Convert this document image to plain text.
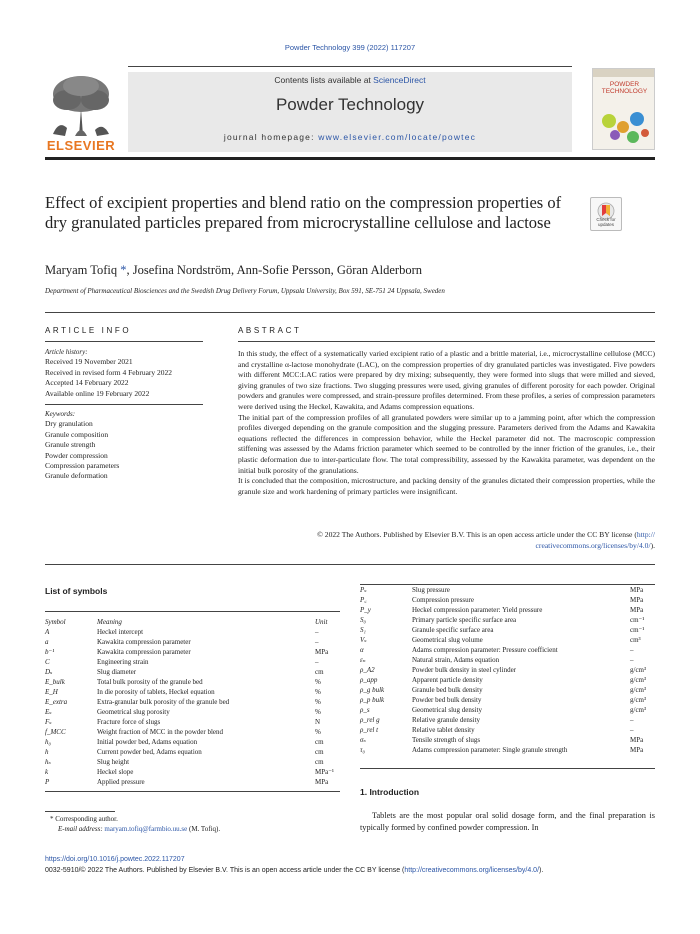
Powder Technology 399 (2022) 117207
ELSEVIER
Contents lists available at ScienceDirect
Powder Technology
journal homepage: www.elsevier.com/locate/powtec
POWDER TECHNOLOGY
Effect of excipient properties and blend ratio on the compression properties of dry granulated particles prepared from microcrystalline cellulose and lactose	Check for updates
Maryam Tofiq *, Josefina Nordström, Ann-Sofie Persson, Göran Alderborn
Department of Pharmaceutical Biosciences and the Swedish Drug Delivery Forum, Uppsala University, Box 591, SE-751 24 Uppsala, Sweden
ARTICLE INFO
Article history:
Received 19 November 2021
Received in revised form 4 February 2022
Accepted 14 February 2022
Available online 19 February 2022
Keywords:
Dry granulation
Granule composition
Granule strength
Powder compression
Compression parameters
Granule deformation
ABSTRACT

In this study, the effect of a systematically varied excipient ratio of a plastic and a brittle material, i.e., microcrystalline cellulose (MCC) and crystalline α-lactose monohydrate (LAC), on the compression properties of dry granulated particles was investigated. Five powders with different MCC:LAC ratios were prepared by dry mixing; subsequently, they were formed into slugs that were milled and sieved, giving granules of two size fractions. Two slugging pressures were used, giving granules of different porosity for each powder. Original powders and granules were compressed, and strain-pressure profiles determined. From these profiles, a series of compression parameters were derived using the Heckel, Kawakita, and Adams compression equations.

The initial part of the compression profiles of all granulated powders were similar up to a jamming point, after which the compression profiles diverged depending on the granule composition and the slugging pressure. Parameters derived from the Adams and Kawakita equations reflected the differences in compression behavior, while the Heckel parameter did not. The macroscopic compression stiffening was assessed by the Adams friction parameter which seemed to be controlled by the inner friction of the granules, i.e., their plastic deformation due to inter-particulate flow. The total compressibility, assessed by the Kawakita parameter, was dependent on the initial bulk porosity of the granulations.

It is concluded that the composition, microstructure, and packing density of the granules dictated their compression properties, while the granule size and work hardening of primary particles were insignificant.

© 2022 The Authors. Published by Elsevier B.V. This is an open access article under the CC BY license (http://
creativecommons.org/licenses/by/4.0/).
List of symbols
Symbol	Meaning	Unit
A	Heckel intercept	–
a	Kawakita compression parameter	–
b⁻¹	Kawakita compression parameter	MPa
C	Engineering strain	–
Dₛ	Slug diameter	cm
E_bulk	Total bulk porosity of the granule bed	%
E_H	In die porosity of tablets, Heckel equation	%
E_extra	Extra-granular bulk porosity of the granule bed	%
Eₛ	Geometrical slug porosity	%
Fₛ	Fracture force of slugs	N
f_MCC	Weight fraction of MCC in the powder blend	%
h₀	Initial powder bed, Adams equation	cm
h	Current powder bed, Adams equation	cm
hₛ	Slug height	cm
k	Heckel slope	MPa⁻¹
P	Applied pressure	MPa
Pₛ	Slug pressure	MPa
P꜀	Compression pressure	MPa
P_y	Heckel compression parameter: Yield pressure	MPa
S₀	Primary particle specific surface area	cm⁻¹
S₁	Granule specific surface area	cm⁻¹
Vₛ	Geometrical slug volume	cm³
α	Adams compression parameter: Pressure coefficient	–
εₙ	Natural strain, Adams equation	–
ρ_A2	Powder bulk density in steel cylinder	g/cm³
ρ_app	Apparent particle density	g/cm³
ρ_g bulk	Granule bed bulk density	g/cm³
ρ_p bulk	Powder bed bulk density	g/cm³
ρ_s	Geometrical slug density	g/cm³
ρ_rel g	Relative granule density	–
ρ_rel t	Relative tablet density	–
σₛ	Tensile strength of slugs	MPa
τ₀	Adams compression parameter: Single granule strength	MPa
1. Introduction
Tablets are the most popular oral solid dosage form, and the final preparation is typically formed by confined powder compression. In
* Corresponding author.
E-mail address: maryam.tofiq@farmbio.uu.se (M. Tofiq).
https://doi.org/10.1016/j.powtec.2022.117207
0032-5910/© 2022 The Authors. Published by Elsevier B.V. This is an open access article under the CC BY license (http://creativecommons.org/licenses/by/4.0/).
